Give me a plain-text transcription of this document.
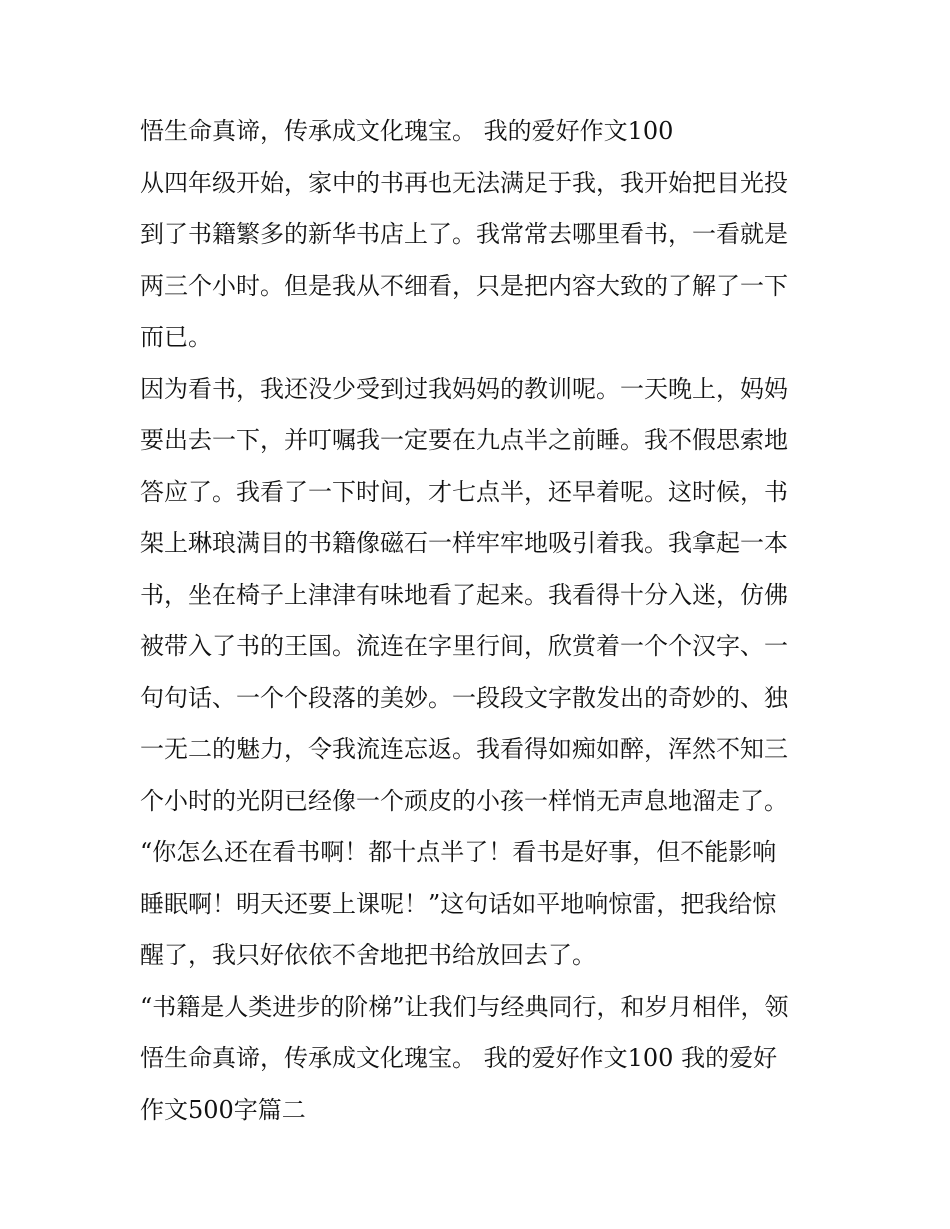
悟生命真谛，传承成文化瑰宝。 我的爱好作文100
从四年级开始，家中的书再也无法满足于我，我开始把目光投
到了书籍繁多的新华书店上了。我常常去哪里看书，一看就是
两三个小时。但是我从不细看，只是把内容大致的了解了一下
而已。
因为看书，我还没少受到过我妈妈的教训呢。一天晚上，妈妈
要出去一下，并叮嘱我一定要在九点半之前睡。我不假思索地
答应了。我看了一下时间，才七点半，还早着呢。这时候，书
架上琳琅满目的书籍像磁石一样牢牢地吸引着我。我拿起一本
书，坐在椅子上津津有味地看了起来。我看得十分入迷，仿佛
被带入了书的王国。流连在字里行间，欣赏着一个个汉字、一
句句话、一个个段落的美妙。一段段文字散发出的奇妙的、独
一无二的魅力，令我流连忘返。我看得如痴如醉，浑然不知三
个小时的光阴已经像一个顽皮的小孩一样悄无声息地溜走了。
“你怎么还在看书啊！都十点半了！看书是好事，但不能影响
睡眠啊！明天还要上课呢！”这句话如平地响惊雷，把我给惊
醒了，我只好依依不舍地把书给放回去了。
“书籍是人类进步的阶梯”让我们与经典同行，和岁月相伴，领
悟生命真谛，传承成文化瑰宝。 我的爱好作文100 我的爱好
作文500字篇二
